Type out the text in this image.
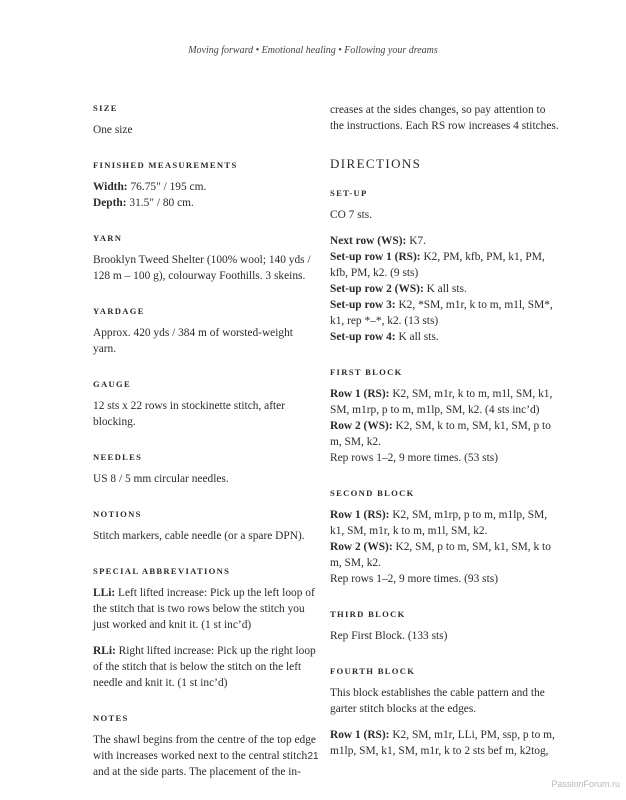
Moving forward • Emotional healing • Following your dreams
SIZE

One size

FINISHED MEASUREMENTS

Width: 76.75" / 195 cm.
Depth: 31.5" / 80 cm.

YARN

Brooklyn Tweed Shelter (100% wool; 140 yds /
128 m – 100 g), colourway Foothills. 3 skeins.

YARDAGE

Approx. 420 yds / 384 m of worsted-weight yarn.

GAUGE

12 sts x 22 rows in stockinette stitch, after blocking.

NEEDLES

US 8 / 5 mm circular needles.

NOTIONS

Stitch markers, cable needle (or a spare DPN).

SPECIAL ABBREVIATIONS

LLi: Left lifted increase: Pick up the left loop of
the stitch that is two rows below the stitch you
just worked and knit it. (1 st inc’d)

RLi: Right lifted increase: Pick up the right loop
of the stitch that is below the stitch on the left
needle and knit it. (1 st inc’d)

NOTES

The shawl begins from the centre of the top edge
with increases worked next to the central stitch
and at the side parts. The placement of the in-

creases at the sides changes, so pay attention to
the instructions. Each RS row increases 4 stitches.

DIRECTIONS
SET-UP

CO 7 sts.

Next row (WS): K7.
Set-up row 1 (RS): K2, PM, kfb, PM, k1, PM,
kfb, PM, k2. (9 sts)
Set-up row 2 (WS): K all sts.
Set-up row 3: K2, *SM, m1r, k to m, m1l, SM*,
k1, rep *–*, k2. (13 sts)
Set-up row 4: K all sts.

FIRST BLOCK

Row 1 (RS): K2, SM, m1r, k to m, m1l, SM, k1,
SM, m1rp, p to m, m1lp, SM, k2. (4 sts inc’d)
Row 2 (WS): K2, SM, k to m, SM, k1, SM, p to
m, SM, k2.
Rep rows 1–2, 9 more times. (53 sts)

SECOND BLOCK

Row 1 (RS): K2, SM, m1rp, p to m, m1lp, SM,
k1, SM, m1r, k to m, m1l, SM, k2.
Row 2 (WS): K2, SM, p to m, SM, k1, SM, k to
m, SM, k2.
Rep rows 1–2, 9 more times. (93 sts)

THIRD BLOCK

Rep First Block. (133 sts)

FOURTH BLOCK

This block establishes the cable pattern and the
garter stitch blocks at the edges.

Row 1 (RS): K2, SM, m1r, LLi, PM, ssp, p to m,
m1lp, SM, k1, SM, m1r, k to 2 sts bef m, k2tog,

21
PassionForum.ru
